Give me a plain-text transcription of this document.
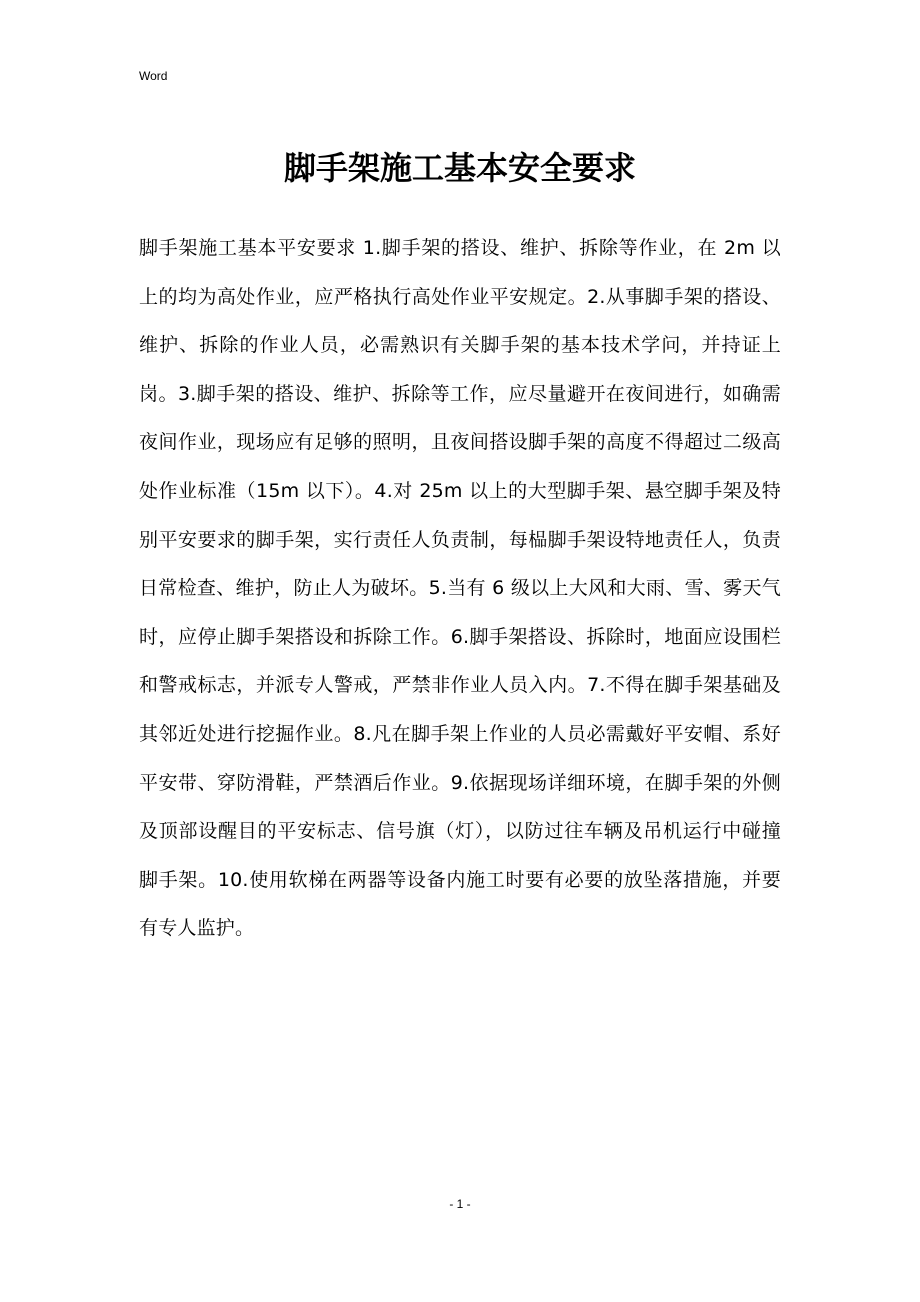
Word
脚手架施工基本安全要求

脚手架施工基本平安要求 1.脚手架的搭设、维护、拆除等作业，在 2m 以上的均为高处作业，应严格执行高处作业平安规定。2.从事脚手架的搭设、维护、拆除的作业人员，必需熟识有关脚手架的基本技术学问，并持证上岗。3.脚手架的搭设、维护、拆除等工作，应尽量避开在夜间进行，如确需夜间作业，现场应有足够的照明，且夜间搭设脚手架的高度不得超过二级高处作业标准（15m 以下）。4.对 25m 以上的大型脚手架、悬空脚手架及特别平安要求的脚手架，实行责任人负责制，每榀脚手架设特地责任人，负责日常检查、维护，防止人为破坏。5.当有 6 级以上大风和大雨、雪、雾天气时，应停止脚手架搭设和拆除工作。6.脚手架搭设、拆除时，地面应设围栏和警戒标志，并派专人警戒，严禁非作业人员入内。7.不得在脚手架基础及其邻近处进行挖掘作业。8.凡在脚手架上作业的人员必需戴好平安帽、系好平安带、穿防滑鞋，严禁酒后作业。9.依据现场详细环境，在脚手架的外侧及顶部设醒目的平安标志、信号旗（灯），以防过往车辆及吊机运行中碰撞脚手架。10.使用软梯在两器等设备内施工时要有必要的放坠落措施，并要有专人监护。

- 1 -
